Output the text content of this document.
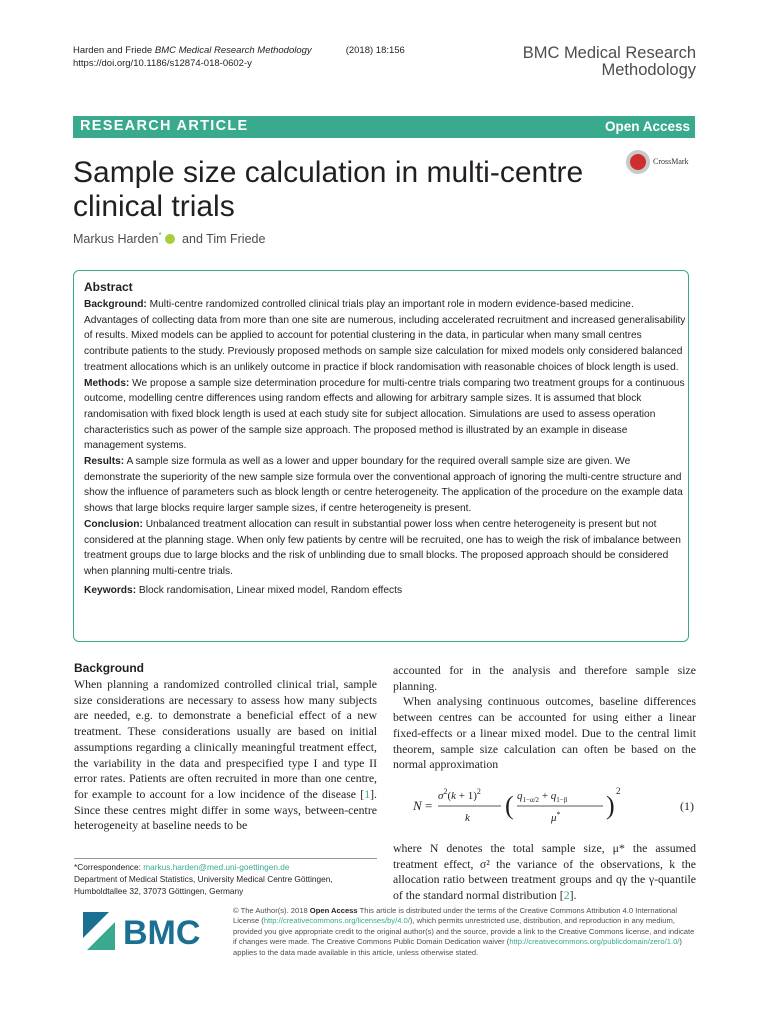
Harden and Friede BMC Medical Research Methodology	(2018) 18:156
https://doi.org/10.1186/s12874-018-0602-y
BMC Medical Research
Methodology
RESEARCH ARTICLE	Open Access
Sample size calculation in multi-centre clinical trials
CrossMark
Markus Harden* and Tim Friede
Abstract

Background: Multi-centre randomized controlled clinical trials play an important role in modern evidence-based medicine. Advantages of collecting data from more than one site are numerous, including accelerated recruitment and increased generalisability of results. Mixed models can be applied to account for potential clustering in the data, in particular when many small centres contribute patients to the study. Previously proposed methods on sample size calculation for mixed models only considered balanced treatment allocations which is an unlikely outcome in practice if block randomisation with reasonable choices of block length is used.

Methods: We propose a sample size determination procedure for multi-centre trials comparing two treatment groups for a continuous outcome, modelling centre differences using random effects and allowing for arbitrary sample sizes. It is assumed that block randomisation with fixed block length is used at each study site for subject allocation. Simulations are used to assess operation characteristics such as power of the sample size approach. The proposed method is illustrated by an example in disease management systems.

Results: A sample size formula as well as a lower and upper boundary for the required overall sample size are given. We demonstrate the superiority of the new sample size formula over the conventional approach of ignoring the multi-centre structure and show the influence of parameters such as block length or centre heterogeneity. The application of the procedure on the example data shows that large blocks require larger sample sizes, if centre heterogeneity is present.

Conclusion: Unbalanced treatment allocation can result in substantial power loss when centre heterogeneity is present but not considered at the planning stage. When only few patients by centre will be recruited, one has to weigh the risk of imbalance between treatment groups due to large blocks and the risk of unblinding due to small blocks. The proposed approach should be considered when planning multi-centre trials.

Keywords: Block randomisation, Linear mixed model, Random effects

Background

When planning a randomized controlled clinical trial, sample size considerations are necessary to assess how many subjects are needed, e.g. to demonstrate a beneficial effect of a new treatment. These considerations usually are based on initial assumptions regarding a clinically meaningful treatment effect, the variability in the data and prespecified type I and type II error rates. Patients are often recruited in more than one centre, for example to account for a low incidence of the disease [1]. Since these centres might differ in some ways, between-centre heterogeneity at baseline needs to be

accounted for in the analysis and therefore sample size planning.

When analysing continuous outcomes, baseline differences between centres can be accounted for using either a linear fixed-effects or a linear mixed model. Due to the central limit theorem, sample size calculation can often be based on the normal approximation

N =
$\sigma^2(k + 1)^2$
k ( $q_{1-\alpha/2} + q_{1-\beta}$
μ* ) 2
(1)

where N denotes the total sample size, μ* the assumed treatment effect, σ² the variance of the observations, k the allocation ratio between treatment groups and qγ the γ-quantile of the standard normal distribution [2].

*Correspondence: markus.harden@med.uni-goettingen.de
Department of Medical Statistics, University Medical Centre Göttingen,
Humboldtallee 32, 37073 Göttingen, Germany
BMC
© The Author(s). 2018 Open Access This article is distributed under the terms of the Creative Commons Attribution 4.0 International License (http://creativecommons.org/licenses/by/4.0/), which permits unrestricted use, distribution, and reproduction in any medium, provided you give appropriate credit to the original author(s) and the source, provide a link to the Creative Commons license, and indicate if changes were made. The Creative Commons Public Domain Dedication waiver (http://creativecommons.org/publicdomain/zero/1.0/) applies to the data made available in this article, unless otherwise stated.
